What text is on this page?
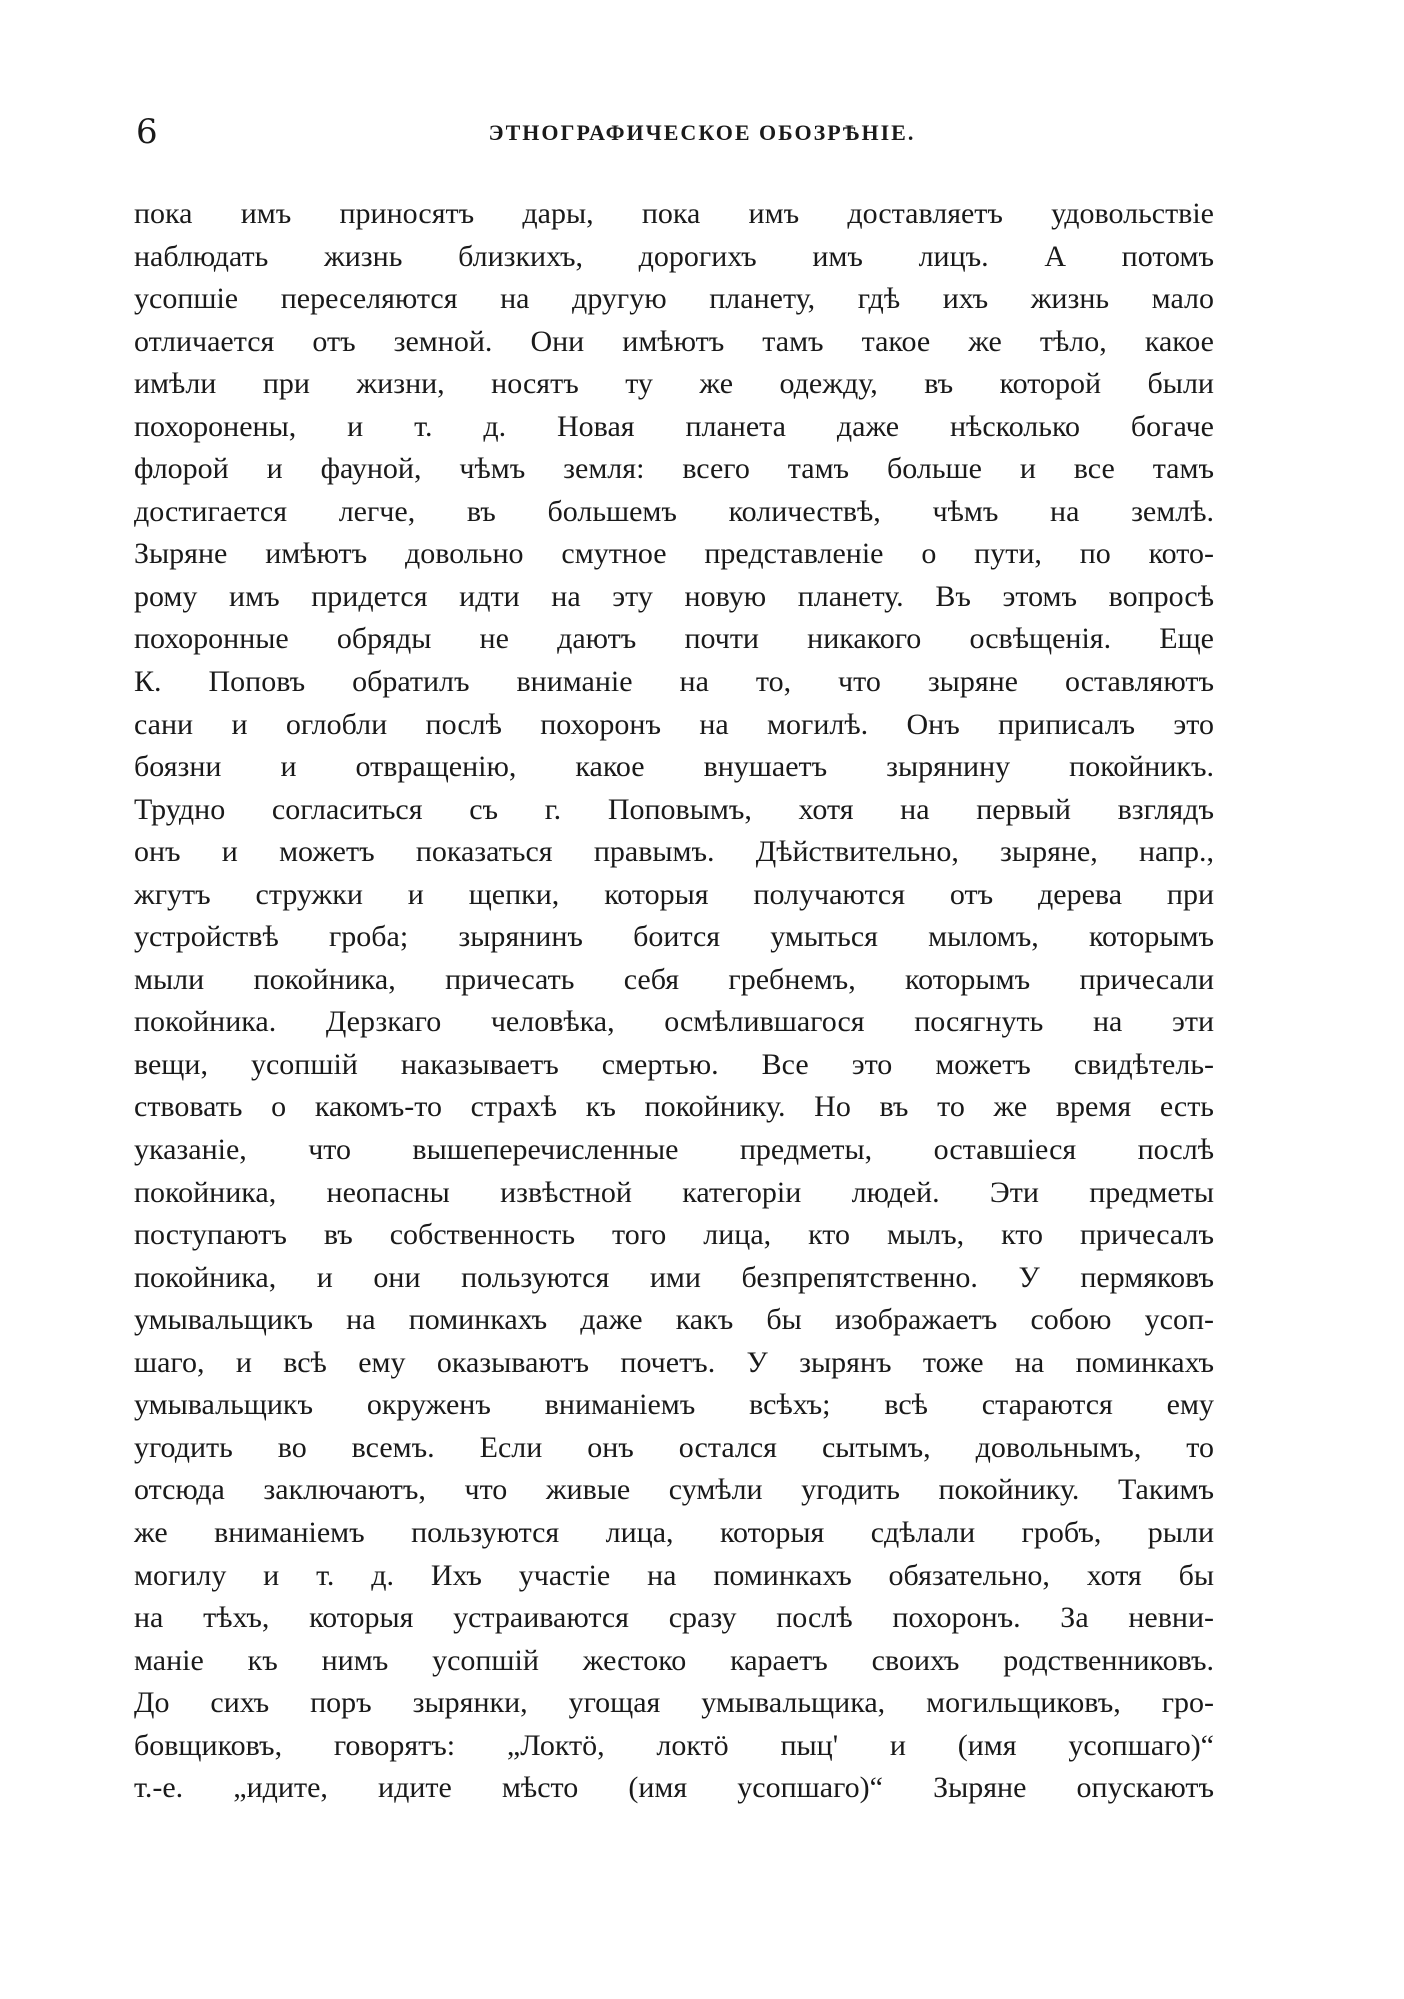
6	ЭТНОГРАФИЧЕСКОЕ ОБОЗРѢНІЕ.
пока имъ приносятъ дары, пока имъ доставляетъ удовольствіе
наблюдать жизнь близкихъ, дорогихъ имъ лицъ. А потомъ
усопшіе переселяются на другую планету, гдѣ ихъ жизнь мало
отличается отъ земной. Они имѣютъ тамъ такое же тѣло, какое
имѣли при жизни, носятъ ту же одежду, въ которой были
похоронены, и т. д. Новая планета даже нѣсколько богаче
флорой и фауной, чѣмъ земля: всего тамъ больше и все тамъ
достигается легче, въ большемъ количествѣ, чѣмъ на землѣ.
Зыряне имѣютъ довольно смутное представленіе о пути, по кото-
рому имъ придется идти на эту новую планету. Въ этомъ вопросѣ
похоронные обряды не даютъ почти никакого освѣщенія. Еще
К. Поповъ обратилъ вниманіе на то, что зыряне оставляютъ
сани и оглобли послѣ похоронъ на могилѣ. Онъ приписалъ это
боязни и отвращенію, какое внушаетъ зырянину покойникъ.
Трудно согласиться съ г. Поповымъ, хотя на первый взглядъ
онъ и можетъ показаться правымъ. Дѣйствительно, зыряне, напр.,
жгутъ стружки и щепки, которыя получаются отъ дерева при
устройствѣ гроба; зырянинъ боится умыться мыломъ, которымъ
мыли покойника, причесать себя гребнемъ, которымъ причесали
покойника. Дерзкаго человѣка, осмѣлившагося посягнуть на эти
вещи, усопшій наказываетъ смертью. Все это можетъ свидѣтель-
ствовать о какомъ-то страхѣ къ покойнику. Но въ то же время есть
указаніе, что вышеперечисленные предметы, оставшіеся послѣ
покойника, неопасны извѣстной категоріи людей. Эти предметы
поступаютъ въ собственность того лица, кто мылъ, кто причесалъ
покойника, и они пользуются ими безпрепятственно. У пермяковъ
умывальщикъ на поминкахъ даже какъ бы изображаетъ собою усоп-
шаго, и всѣ ему оказываютъ почетъ. У зырянъ тоже на поминкахъ
умывальщикъ окруженъ вниманіемъ всѣхъ; всѣ стараются ему
угодить во всемъ. Если онъ остался сытымъ, довольнымъ, то
отсюда заключаютъ, что живые сумѣли угодить покойнику. Такимъ
же вниманіемъ пользуются лица, которыя сдѣлали гробъ, рыли
могилу и т. д. Ихъ участіе на поминкахъ обязательно, хотя бы
на тѣхъ, которыя устраиваются сразу послѣ похоронъ. За невни-
маніе къ нимъ усопшій жестоко караетъ своихъ родственниковъ.
До сихъ поръ зырянки, угощая умывальщика, могильщиковъ, гро-
бовщиковъ, говорятъ: „Локтö, локтö пыц' и (имя усопшаго)“
т.-е. „идите, идите мѣсто (имя усопшаго)“ Зыряне опускаютъ
